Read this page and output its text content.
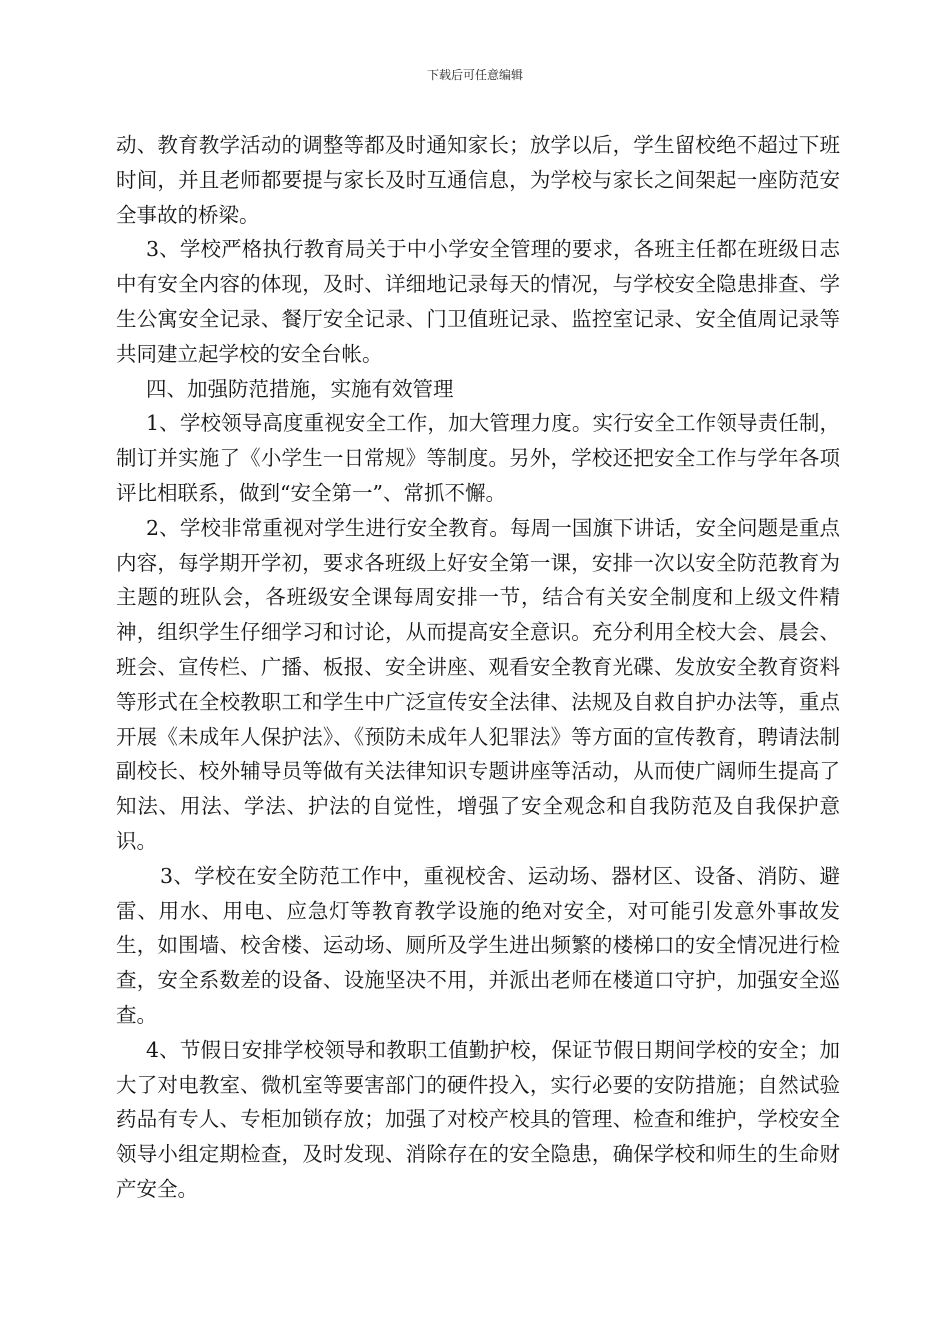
下载后可任意编辑

动、教育教学活动的调整等都及时通知家长；放学以后，学生留校绝不超过下班时间，并且老师都要提与家长及时互通信息，为学校与家长之间架起一座防范安全事故的桥梁。

3、学校严格执行教育局关于中小学安全管理的要求，各班主任都在班级日志中有安全内容的体现，及时、详细地记录每天的情况，与学校安全隐患排查、学生公寓安全记录、餐厅安全记录、门卫值班记录、监控室记录、安全值周记录等共同建立起学校的安全台帐。

四、加强防范措施，实施有效管理

1、学校领导高度重视安全工作，加大管理力度。实行安全工作领导责任制，制订并实施了《小学生一日常规》等制度。另外，学校还把安全工作与学年各项评比相联系，做到“安全第一”、常抓不懈。

2、学校非常重视对学生进行安全教育。每周一国旗下讲话，安全问题是重点内容，每学期开学初，要求各班级上好安全第一课，安排一次以安全防范教育为主题的班队会，各班级安全课每周安排一节，结合有关安全制度和上级文件精神，组织学生仔细学习和讨论，从而提高安全意识。充分利用全校大会、晨会、班会、宣传栏、广播、板报、安全讲座、观看安全教育光碟、发放安全教育资料等形式在全校教职工和学生中广泛宣传安全法律、法规及自救自护办法等，重点开展《未成年人保护法》、《预防未成年人犯罪法》等方面的宣传教育，聘请法制副校长、校外辅导员等做有关法律知识专题讲座等活动，从而使广阔师生提高了知法、用法、学法、护法的自觉性，增强了安全观念和自我防范及自我保护意识。

3、学校在安全防范工作中，重视校舍、运动场、器材区、设备、消防、避雷、用水、用电、应急灯等教育教学设施的绝对安全，对可能引发意外事故发生，如围墙、校舍楼、运动场、厕所及学生进出频繁的楼梯口的安全情况进行检查，安全系数差的设备、设施坚决不用，并派出老师在楼道口守护，加强安全巡查。

4、节假日安排学校领导和教职工值勤护校，保证节假日期间学校的安全；加大了对电教室、微机室等要害部门的硬件投入，实行必要的安防措施；自然试验药品有专人、专柜加锁存放；加强了对校产校具的管理、检查和维护，学校安全领导小组定期检查，及时发现、消除存在的安全隐患，确保学校和师生的生命财产安全。
